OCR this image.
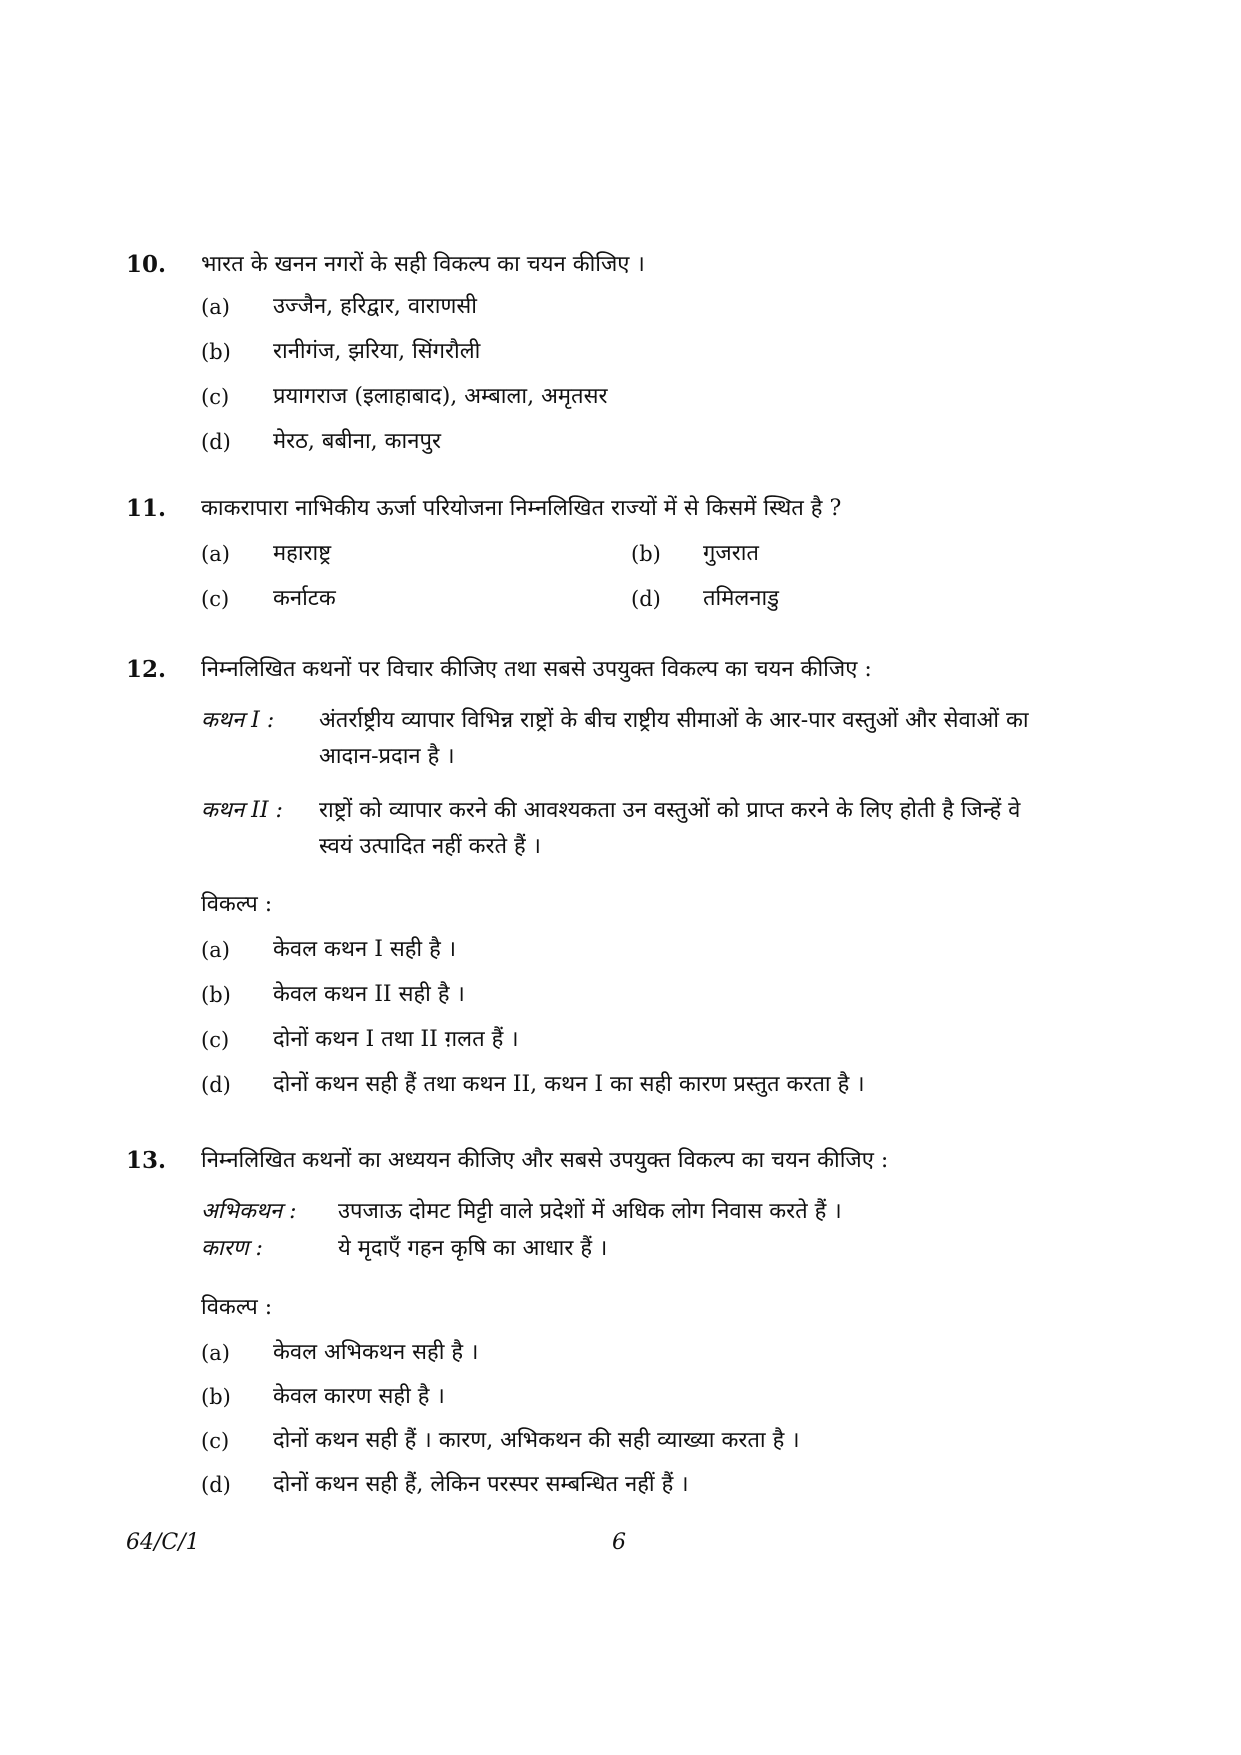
10. भारत के खनन नगरों के सही विकल्प का चयन कीजिए ।
(a) उज्जैन, हरिद्वार, वाराणसी
(b) रानीगंज, झरिया, सिंगरौली
(c) प्रयागराज (इलाहाबाद), अम्बाला, अमृतसर
(d) मेरठ, बबीना, कानपुर
11. काकरापारा नाभिकीय ऊर्जा परियोजना निम्नलिखित राज्यों में से किसमें स्थित है ?
(a) महाराष्ट्र	(b) गुजरात
(c) कर्नाटक	(d) तमिलनाडु
12. निम्नलिखित कथनों पर विचार कीजिए तथा सबसे उपयुक्त विकल्प का चयन कीजिए :
कथन I : अंतर्राष्ट्रीय व्यापार विभिन्न राष्ट्रों के बीच राष्ट्रीय सीमाओं के आर-पार वस्तुओं और सेवाओं का आदान-प्रदान है ।
कथन II : राष्ट्रों को व्यापार करने की आवश्यकता उन वस्तुओं को प्राप्त करने के लिए होती है जिन्हें वे स्वयं उत्पादित नहीं करते हैं ।
विकल्प :
(a) केवल कथन I सही है ।
(b) केवल कथन II सही है ।
(c) दोनों कथन I तथा II ग़लत हैं ।
(d) दोनों कथन सही हैं तथा कथन II, कथन I का सही कारण प्रस्तुत करता है ।
13. निम्नलिखित कथनों का अध्ययन कीजिए और सबसे उपयुक्त विकल्प का चयन कीजिए :
अभिकथन : उपजाऊ दोमट मिट्टी वाले प्रदेशों में अधिक लोग निवास करते हैं ।
कारण :	ये मृदाएँ गहन कृषि का आधार हैं ।
विकल्प :
(a) केवल अभिकथन सही है ।
(b) केवल कारण सही है ।
(c) दोनों कथन सही हैं । कारण, अभिकथन की सही व्याख्या करता है ।
(d) दोनों कथन सही हैं, लेकिन परस्पर सम्बन्धित नहीं हैं ।
64/C/1	6
